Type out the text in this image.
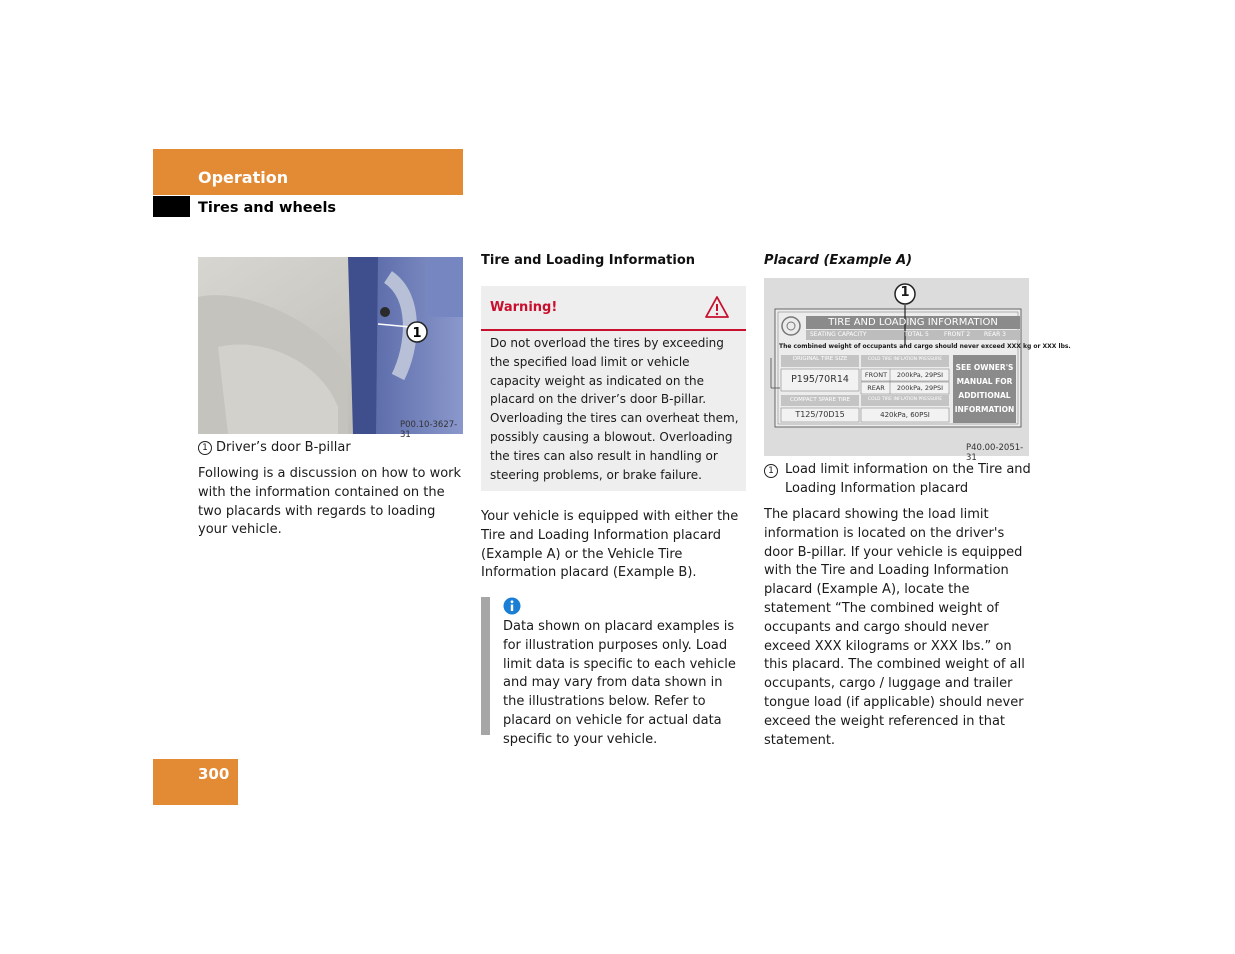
Operation
Tires and wheels
1
P00.10-3627-31
1 Driver’s door B-pillar
Following is a discussion on how to work with the information contained on the two placards with regards to loading your vehicle.
Tire and Loading Information
Warning!
Do not overload the tires by exceeding the specified load limit or vehicle capacity weight as indicated on the placard on the driver’s door B-pillar. Overloading the tires can overheat them, possibly causing a blowout. Overloading the tires can also result in handling or steering problems, or brake failure.
Your vehicle is equipped with either the Tire and Loading Information placard (Example A) or the Vehicle Tire Information placard (Example B).
Data shown on placard examples is for illustration purposes only. Load limit data is specific to each vehicle and may vary from data shown in the illustrations below. Refer to placard on vehicle for actual data specific to your vehicle.
Placard (Example A)
1
TIRE AND LOADING INFORMATION
SEATING CAPACITY	TOTAL 5	FRONT 2 REAR 3
The combined weight of occupants and cargo should never exceed XXX kg or XXX lbs.
ORIGINAL TIRE SIZE	COLD TIRE INFLATION PRESSURE
P195/70R14	FRONT	200kPa, 29PSI
REAR	200kPa, 29PSI
COMPACT SPARE TIRE	COLD TIRE INFLATION PRESSURE
T125/70D15	420kPa, 60PSI
SEE OWNER'S
MANUAL FOR
ADDITIONAL
INFORMATION
P40.00-2051-31
1 Load limit information on the Tire and Loading Information placard
The placard showing the load limit information is located on the driver's door B-pillar. If your vehicle is equipped with the Tire and Loading Information placard (Example A), locate the statement “The combined weight of occupants and cargo should never exceed XXX kilograms or XXX lbs.” on this placard. The combined weight of all occupants, cargo / luggage and trailer tongue load (if applicable) should never exceed the weight referenced in that statement.
300
